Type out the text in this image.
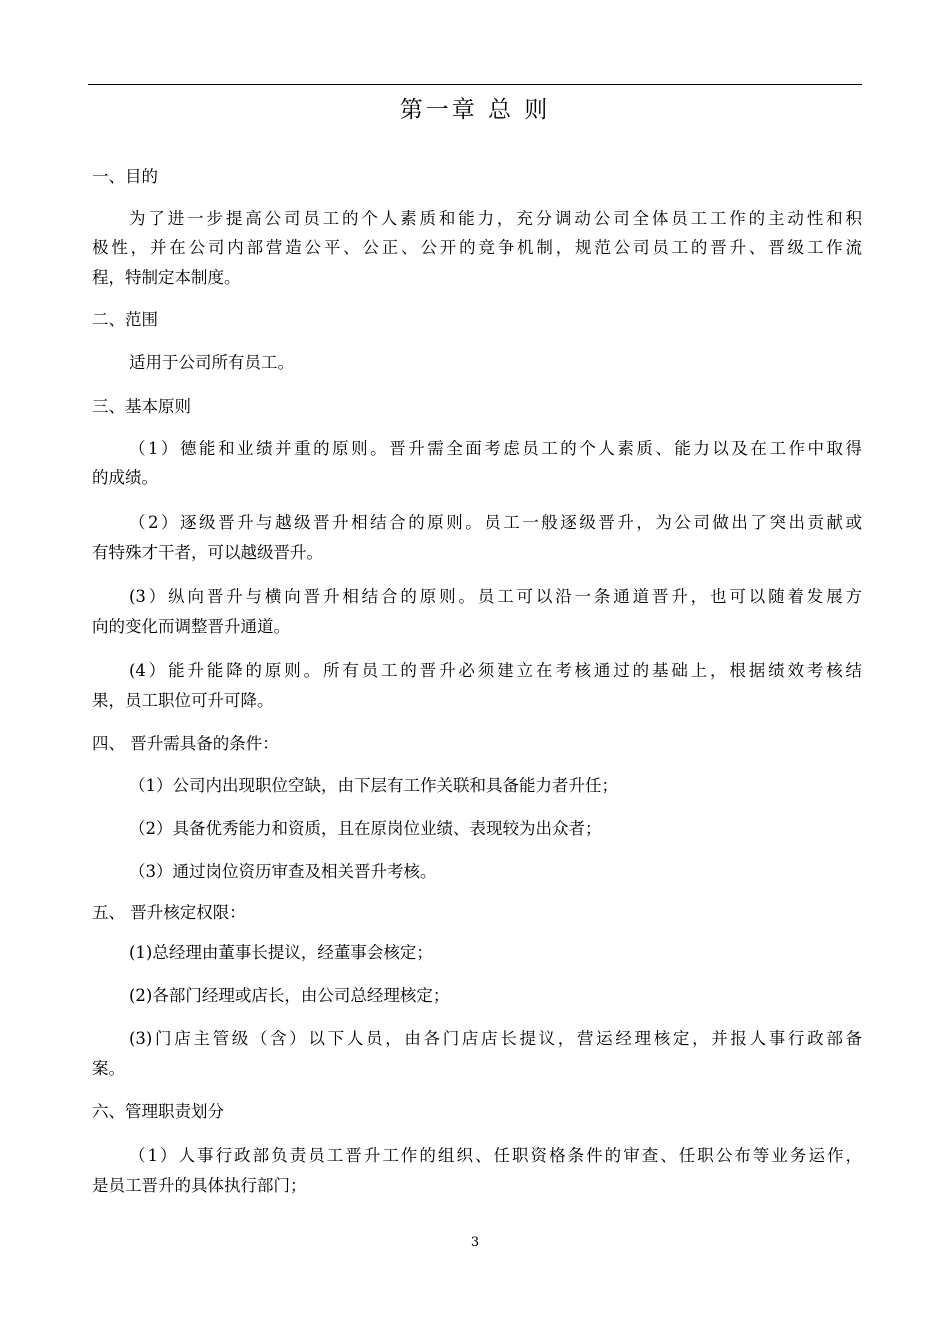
第一章 总 则
一、目的
为了进一步提高公司员工的个人素质和能力，充分调动公司全体员工工作的主动性和积
极性，并在公司内部营造公平、公正、公开的竞争机制，规范公司员工的晋升、晋级工作流
程，特制定本制度。
二、范围
适用于公司所有员工。
三、基本原则
（1）德能和业绩并重的原则。晋升需全面考虑员工的个人素质、能力以及在工作中取得
的成绩。
（2）逐级晋升与越级晋升相结合的原则。员工一般逐级晋升，为公司做出了突出贡献或
有特殊才干者，可以越级晋升。
(3）纵向晋升与横向晋升相结合的原则。员工可以沿一条通道晋升，也可以随着发展方
向的变化而调整晋升通道。
(4）能升能降的原则。所有员工的晋升必须建立在考核通过的基础上，根据绩效考核结
果，员工职位可升可降。
四、 晋升需具备的条件：
（1）公司内出现职位空缺，由下层有工作关联和具备能力者升任；
（2）具备优秀能力和资质，且在原岗位业绩、表现较为出众者；
（3）通过岗位资历审查及相关晋升考核。
五、 晋升核定权限：
(1)总经理由董事长提议，经董事会核定；
(2)各部门经理或店长，由公司总经理核定；
(3)门店主管级（含）以下人员，由各门店店长提议，营运经理核定，并报人事行政部备
案。
六、管理职责划分
（1）人事行政部负责员工晋升工作的组织、任职资格条件的审查、任职公布等业务运作，
是员工晋升的具体执行部门；
3
